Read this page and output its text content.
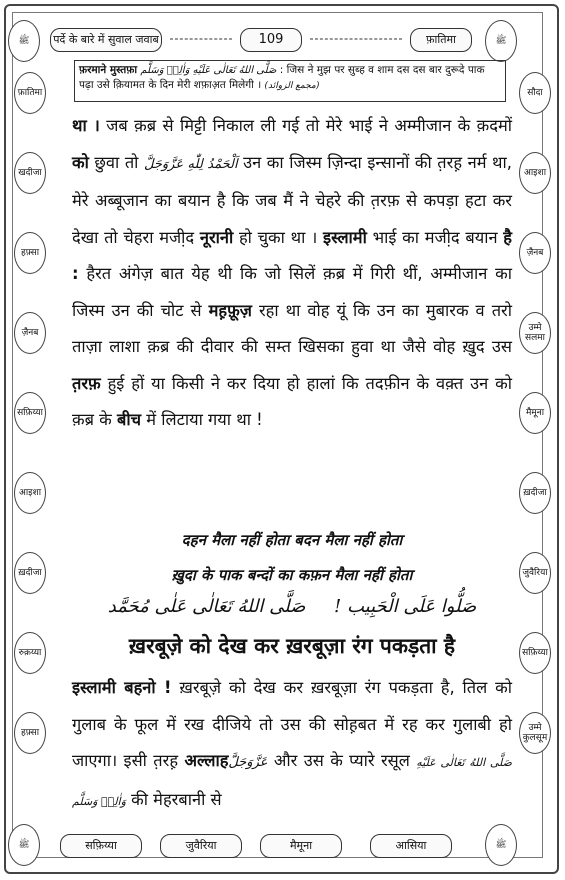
पर्दे के बारे में सुवाल जवाब	109	फ़ातिमा	ﷺ
ﷺ
फ़ातिमा
खदीजा
हफ़्सा
ज़ैनब
सफ़िय्या
आइशा
ख़दीजा
रुक़य्या
हफ़्सा
सौदा
आइशा
ज़ैनब
उम्मे सलमा
मैमूना
ख़दीजा
जुवैरिया
सफ़िय्या
उम्मे कुलसूम
फ़रमाने मुस्तफ़ा صَلَّى اللهُ تَعَالٰى عَلَيْهِ وَاٰلِهٖ وَسَلَّم : जिस ने मुझ पर सुब्ह व शाम दस दस बार दुरूदे पाक पढ़ा उसे क़ियामत के दिन मेरी शफ़ाअ़त मिलेगी । (مجمع الزوائد)

था । जब क़ब्र से मिट्टी निकाल ली गई तो मेरे भाई ने अम्मीजान के क़दमों को छुवा तो اَلْحَمْدُ لِلّٰهِ عَزَّوَجَلَّ उन का जिस्म ज़िन्दा इन्सानों की त़रह़ नर्म था, मेरे अब्बूजान का बयान है कि जब मैं ने चेहरे की त़रफ़ से कपड़ा हटा कर देखा तो चेहरा मजी़द नूरानी हो चुका था । इस्लामी भाई का मजी़द बयान है : हैरत अंगेज़ बात येह थी कि जो सिलें क़ब्र में गिरी थीं, अम्मीजान का जिस्म उन की चोट से मह़फ़ूज़ रहा था वोह यूं कि उन का मुबारक व तरो ताज़ा लाशा क़ब्र की दीवार की सम्त खिसका हुवा था जैसे वोह ख़ुद उस त़रफ़ हुई हों या किसी ने कर दिया हो हालां कि तदफ़ीन के वक़्त उन को क़ब्र के बीच में लिटाया गया था !

दहन मैला नहीं होता बदन मैला नहीं होता
ख़ुदा के पाक बन्दों का कफ़न मैला नहीं होता
صَلُّوا عَلَى الْحَبِيب !     صَلَّى اللهُ تَعَالٰى عَلٰى مُحَمَّد
ख़रबूज़े को देख कर ख़रबूज़ा रंग पकड़ता है
इस्लामी बहनो ! ख़रबूज़े को देख कर ख़रबूज़ा रंग पकड़ता है, तिल को गुलाब के फूल में रख दीजिये तो उस की सोह़बत में रह कर गुलाबी हो जाएगा। इसी त़रह़ अल्लाहعَزَّوَجَلَّ और उस के प्यारे रसूल صَلَّى اللهُ تَعَالٰى عَلَيْهِ وَاٰلِهٖ وَسَلَّم की मेहरबानी से
ﷺ	सफ़िय्या	जुवैरिया	मैमूना	आसिया	ﷺ
